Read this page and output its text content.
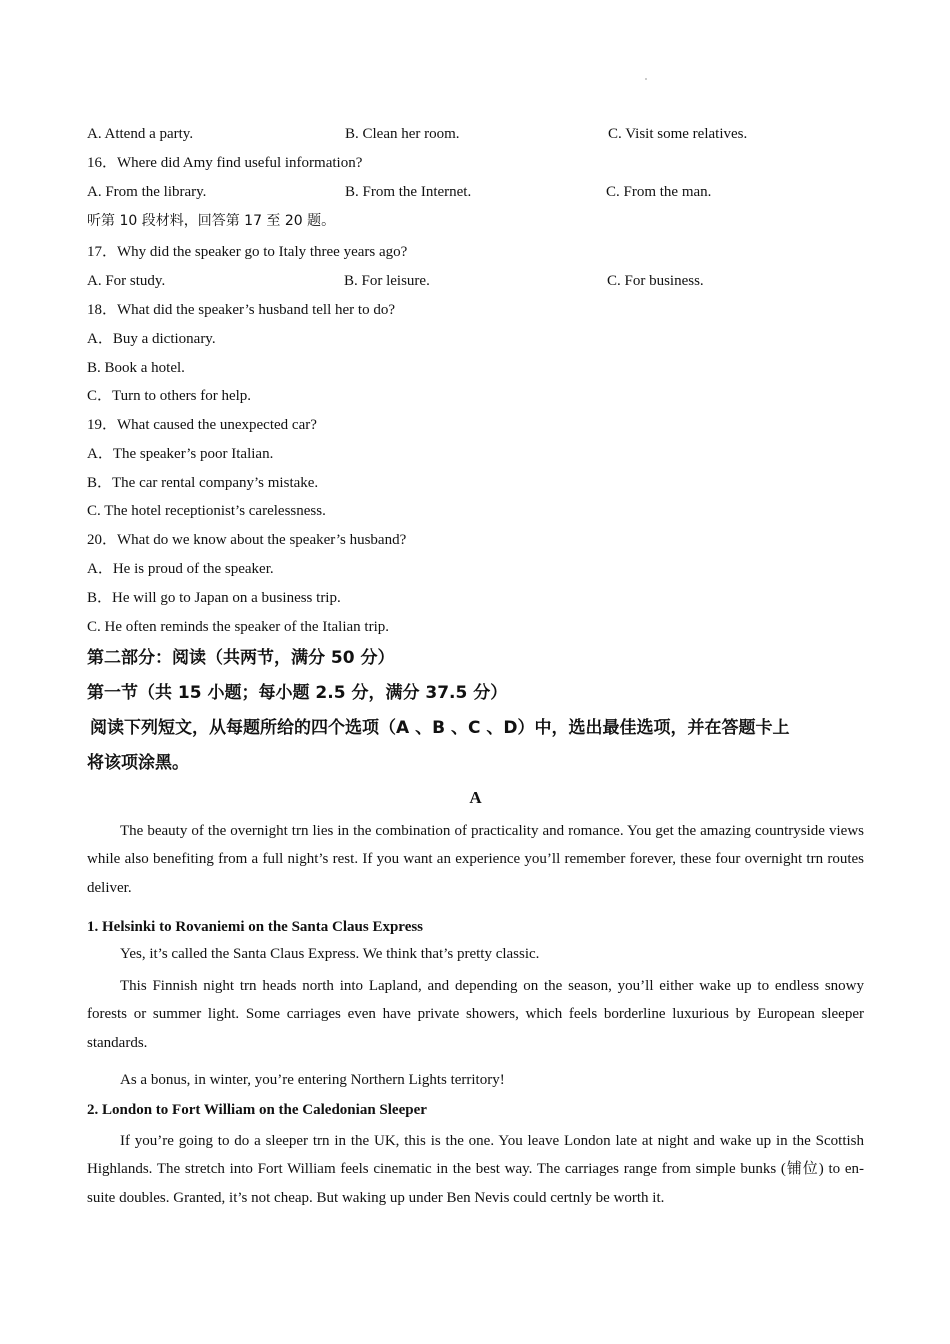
A. Attend a party.	B. Clean her room.	C. Visit some relatives.
16．Where did Amy find useful information?
A. From the library.	B. From the Internet.	C. From the man.
听第 10 段材料，回答第 17 至 20 题。
17．Why did the speaker go to Italy three years ago?
A. For study.	B. For leisure.	C. For business.
18．What did the speaker’s husband tell her to do?
A．Buy a dictionary.
B. Book a hotel.
C．Turn to others for help.
19．What caused the unexpected car?
A．The speaker’s poor Italian.
B．The car rental company’s mistake.
C. The hotel receptionist’s carelessness.
20．What do we know about the speaker’s husband?
A．He is proud of the speaker.
B．He will go to Japan on a business trip.
C. He often reminds the speaker of the Italian trip.
第二部分：阅读（共两节，满分 50 分）
第一节（共 15 小题；每小题 2.5 分，满分 37.5 分）
阅读下列短文，从每题所给的四个选项（A 、B 、C 、D）中，选出最佳选项，并在答题卡上
将该项涂黑。
A
The beauty of the overnight trn lies in the combination of practicality and romance. You get the amazing countryside views while also benefiting from a full night’s rest. If you want an experience you’ll remember forever, these four overnight trn routes deliver.
1. Helsinki to Rovaniemi on the Santa Claus Express
Yes, it’s called the Santa Claus Express. We think that’s pretty classic.
This Finnish night trn heads north into Lapland, and depending on the season, you’ll either wake up to endless snowy forests or summer light. Some carriages even have private showers, which feels borderline luxurious by European sleeper standards.
As a bonus, in winter, you’re entering Northern Lights territory!
2. London to Fort William on the Caledonian Sleeper
If you’re going to do a sleeper trn in the UK, this is the one. You leave London late at night and wake up in the Scottish Highlands. The stretch into Fort William feels cinematic in the best way. The carriages range from simple bunks (铺位) to en-suite doubles. Granted, it’s not cheap. But waking up under Ben Nevis could certnly be worth it.
